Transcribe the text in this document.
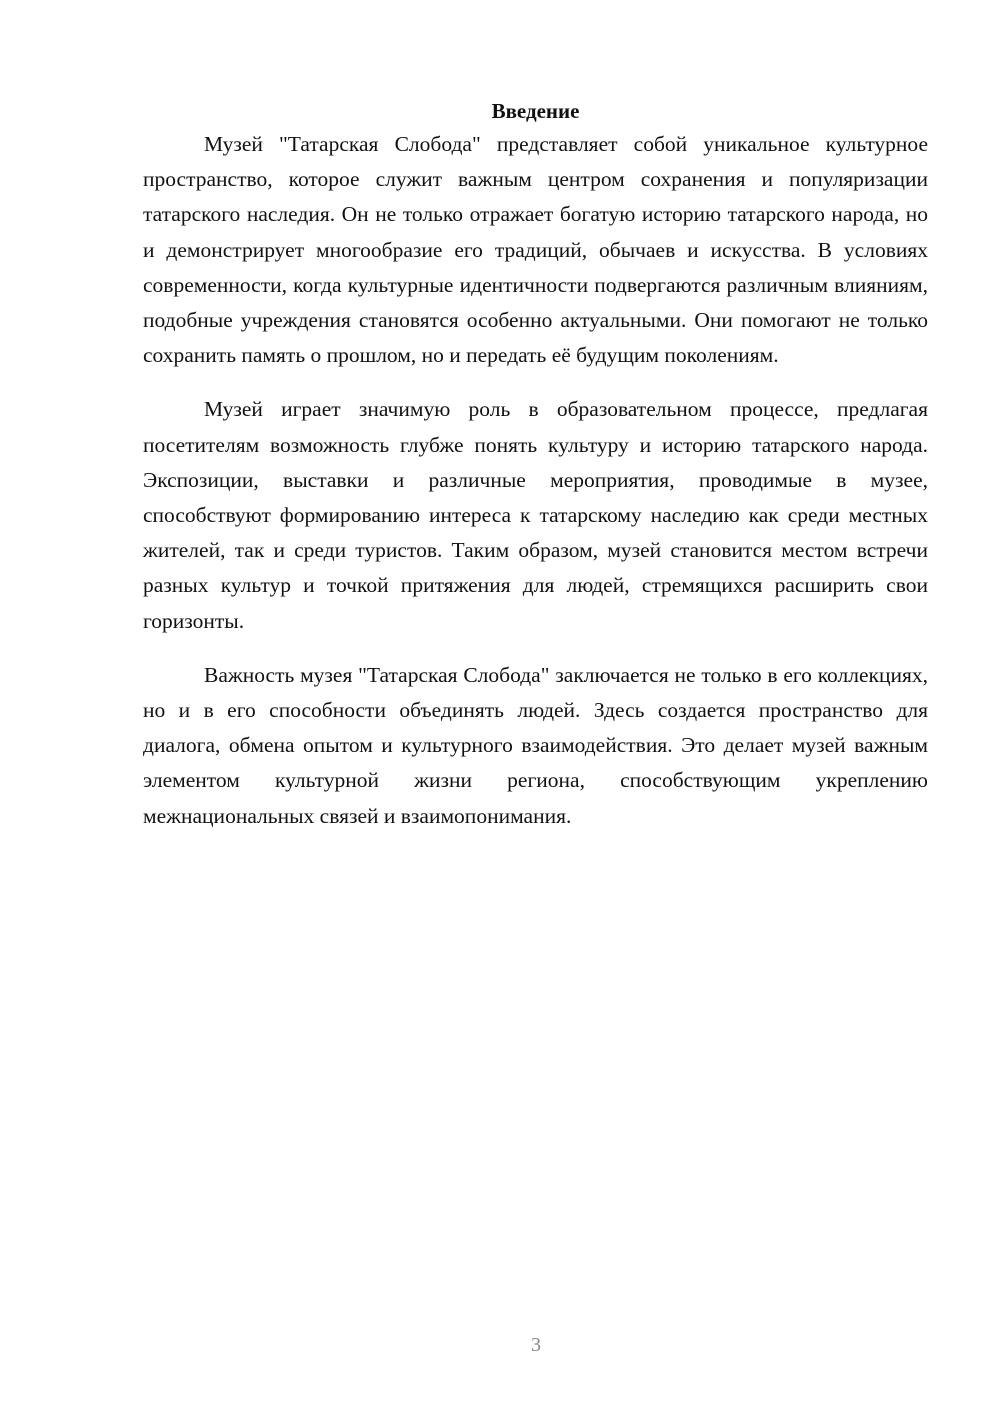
Введение

Музей "Татарская Слобода" представляет собой уникальное культурное пространство, которое служит важным центром сохранения и популяризации татарского наследия. Он не только отражает богатую историю татарского народа, но и демонстрирует многообразие его традиций, обычаев и искусства. В условиях современности, когда культурные идентичности подвергаются различным влияниям, подобные учреждения становятся особенно актуальными. Они помогают не только сохранить память о прошлом, но и передать её будущим поколениям.

Музей играет значимую роль в образовательном процессе, предлагая посетителям возможность глубже понять культуру и историю татарского народа. Экспозиции, выставки и различные мероприятия, проводимые в музее, способствуют формированию интереса к татарскому наследию как среди местных жителей, так и среди туристов. Таким образом, музей становится местом встречи разных культур и точкой притяжения для людей, стремящихся расширить свои горизонты.

Важность музея "Татарская Слобода" заключается не только в его коллекциях, но и в его способности объединять людей. Здесь создается пространство для диалога, обмена опытом и культурного взаимодействия. Это делает музей важным элементом культурной жизни региона, способствующим укреплению межнациональных связей и взаимопонимания.

3
